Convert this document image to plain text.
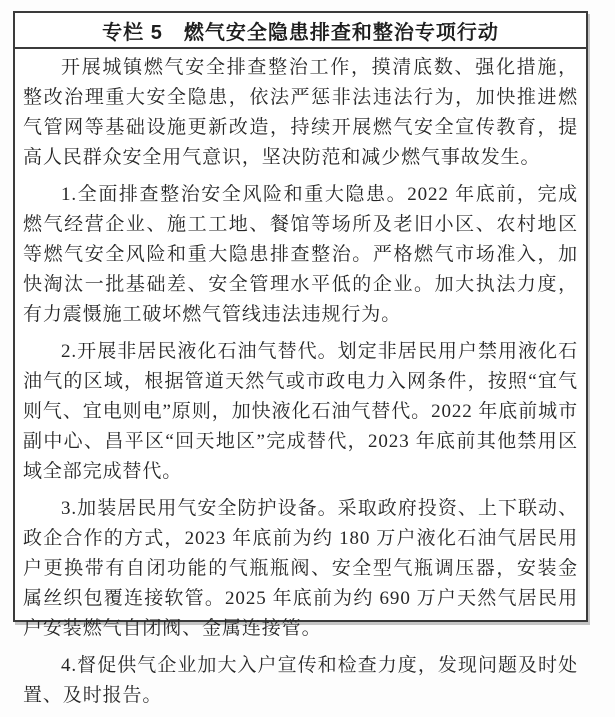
专栏 5　燃气安全隐患排查和整治专项行动

开展城镇燃气安全排查整治工作，摸清底数、强化措施，整改治理重大安全隐患，依法严惩非法违法行为，加快推进燃气管网等基础设施更新改造，持续开展燃气安全宣传教育，提高人民群众安全用气意识，坚决防范和减少燃气事故发生。

1.全面排查整治安全风险和重大隐患。2022 年底前，完成燃气经营企业、施工工地、餐馆等场所及老旧小区、农村地区等燃气安全风险和重大隐患排查整治。严格燃气市场准入，加快淘汰一批基础差、安全管理水平低的企业。加大执法力度，有力震慑施工破坏燃气管线违法违规行为。

2.开展非居民液化石油气替代。划定非居民用户禁用液化石油气的区域，根据管道天然气或市政电力入网条件，按照“宜气则气、宜电则电”原则，加快液化石油气替代。2022 年底前城市副中心、昌平区“回天地区”完成替代，2023 年底前其他禁用区域全部完成替代。

3.加装居民用气安全防护设备。采取政府投资、上下联动、政企合作的方式，2023 年底前为约 180 万户液化石油气居民用户更换带有自闭功能的气瓶瓶阀、安全型气瓶调压器，安装金属丝织包覆连接软管。2025 年底前为约 690 万户天然气居民用户安装燃气自闭阀、金属连接管。

4.督促供气企业加大入户宣传和检查力度，发现问题及时处置、及时报告。
